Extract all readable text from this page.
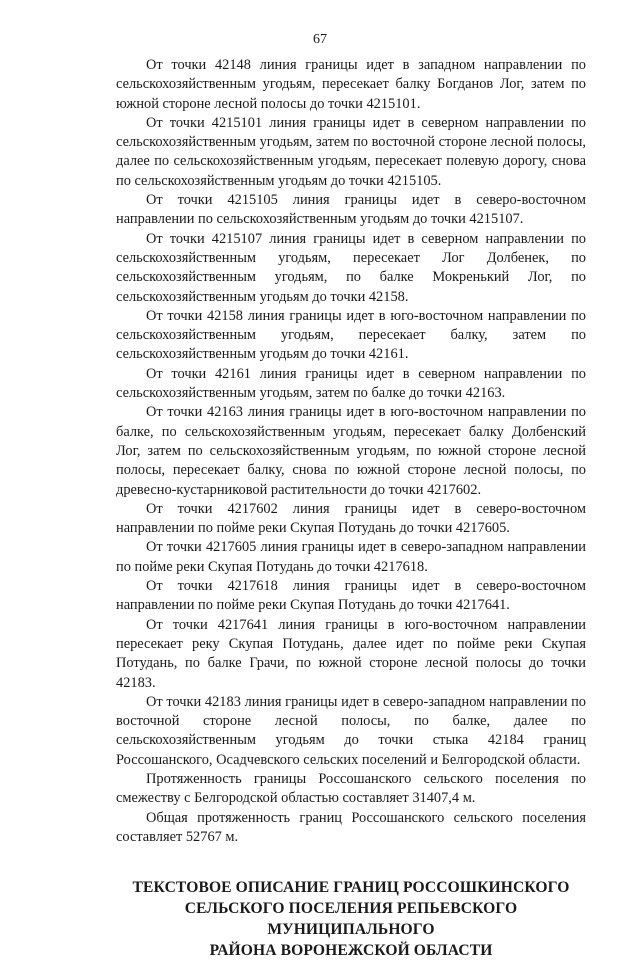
67

От точки 42148 линия границы идет в западном направлении по сельскохозяйственным угодьям, пересекает балку Богданов Лог, затем по южной стороне лесной полосы до точки 4215101.

От точки 4215101 линия границы идет в северном направлении по сельскохозяйственным угодьям, затем по восточной стороне лесной полосы, далее по сельскохозяйственным угодьям, пересекает полевую дорогу, снова по сельскохозяйственным угодьям до точки 4215105.

От точки 4215105 линия границы идет в северо-восточном направлении по сельскохозяйственным угодьям до точки 4215107.

От точки 4215107 линия границы идет в северном направлении по сельскохозяйственным угодьям, пересекает Лог Долбенек, по сельскохозяйственным угодьям, по балке Мокренький Лог, по сельскохозяйственным угодьям до точки 42158.

От точки 42158 линия границы идет в юго-восточном направлении по сельскохозяйственным угодьям, пересекает балку, затем по сельскохозяйственным угодьям до точки 42161.

От точки 42161 линия границы идет в северном направлении по сельскохозяйственным угодьям, затем по балке до точки 42163.

От точки 42163 линия границы идет в юго-восточном направлении по балке, по сельскохозяйственным угодьям, пересекает балку Долбенский Лог, затем по сельскохозяйственным угодьям, по южной стороне лесной полосы, пересекает балку, снова по южной стороне лесной полосы, по древесно-кустарниковой растительности до точки 4217602.

От точки 4217602 линия границы идет в северо-восточном направлении по пойме реки Скупая Потудань до точки 4217605.

От точки 4217605 линия границы идет в северо-западном направлении по пойме реки Скупая Потудань до точки 4217618.

От точки 4217618 линия границы идет в северо-восточном направлении по пойме реки Скупая Потудань до точки 4217641.

От точки 4217641 линия границы в юго-восточном направлении пересекает реку Скупая Потудань, далее идет по пойме реки Скупая Потудань, по балке Грачи, по южной стороне лесной полосы до точки 42183.

От точки 42183 линия границы идет в северо-западном направлении по восточной стороне лесной полосы, по балке, далее по сельскохозяйственным угодьям до точки стыка 42184 границ Россошанского, Осадчевского сельских поселений и Белгородской области.

Протяженность границы Россошанского сельского поселения по смежеству с Белгородской областью составляет 31407,4 м.

Общая протяженность границ Россошанского сельского поселения составляет 52767 м.

ТЕКСТОВОЕ ОПИСАНИЕ ГРАНИЦ РОССОШКИНСКОГО
СЕЛЬСКОГО ПОСЕЛЕНИЯ РЕПЬЕВСКОГО МУНИЦИПАЛЬНОГО
РАЙОНА ВОРОНЕЖСКОЙ ОБЛАСТИ
